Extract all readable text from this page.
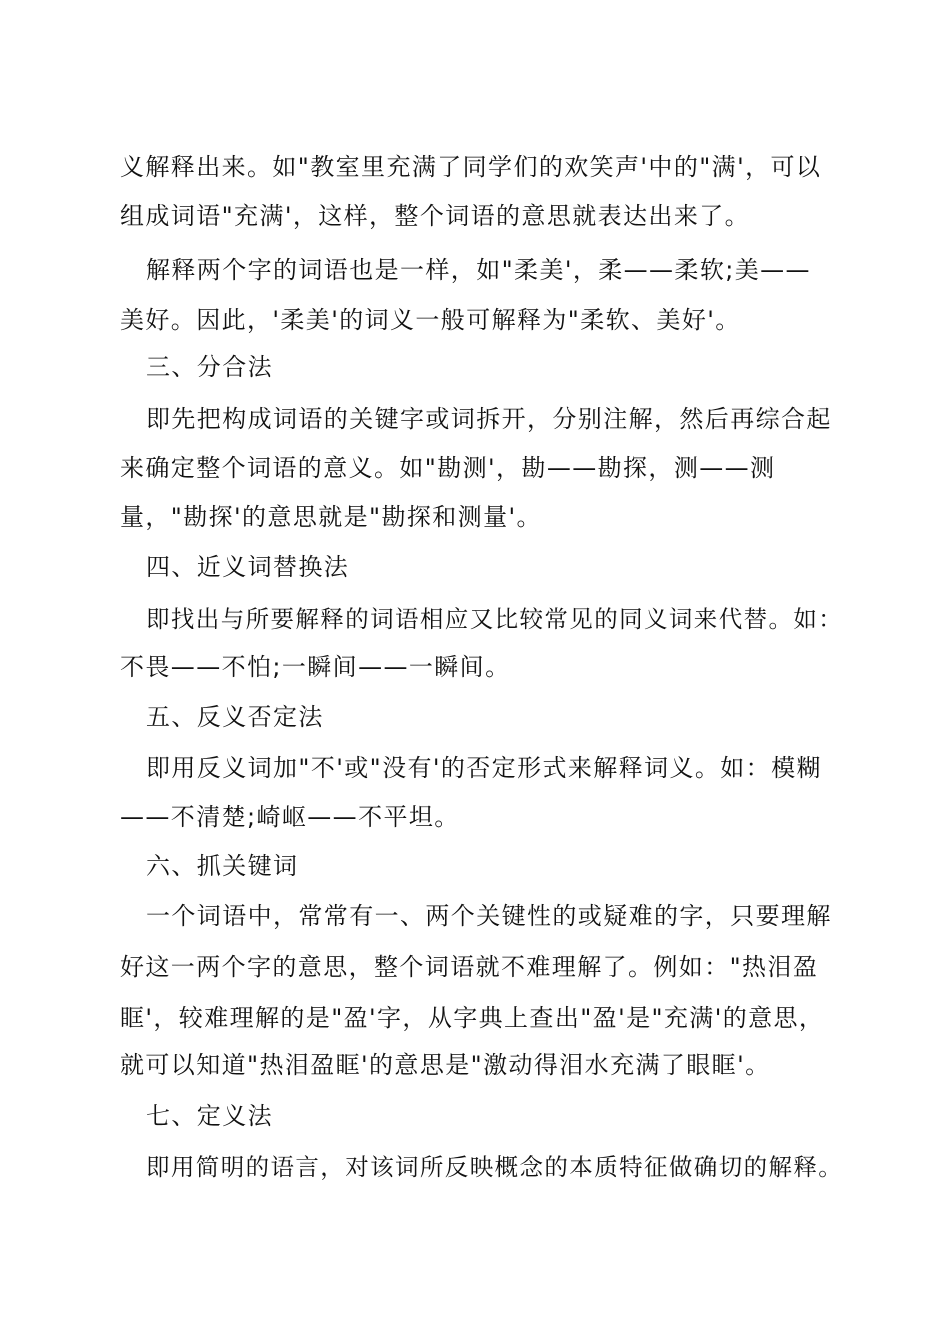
义解释出来。如"教室里充满了同学们的欢笑声'中的"满'，可以
组成词语"充满'，这样，整个词语的意思就表达出来了。
解释两个字的词语也是一样，如"柔美'，柔——柔软;美——
美好。因此，'柔美'的词义一般可解释为"柔软、美好'。
三、分合法
即先把构成词语的关键字或词拆开，分别注解，然后再综合起
来确定整个词语的意义。如"勘测'，勘——勘探，测——测
量，"勘探'的意思就是"勘探和测量'。
四、近义词替换法
即找出与所要解释的词语相应又比较常见的同义词来代替。如：
不畏——不怕;一瞬间——一瞬间。
五、反义否定法
即用反义词加"不'或"没有'的否定形式来解释词义。如：模糊
——不清楚;崎岖——不平坦。
六、抓关键词
一个词语中，常常有一、两个关键性的或疑难的字，只要理解
好这一两个字的意思，整个词语就不难理解了。例如："热泪盈
眶'，较难理解的是"盈'字，从字典上查出"盈'是"充满'的意思，
就可以知道"热泪盈眶'的意思是"激动得泪水充满了眼眶'。
七、定义法
即用简明的语言，对该词所反映概念的本质特征做确切的解释。
